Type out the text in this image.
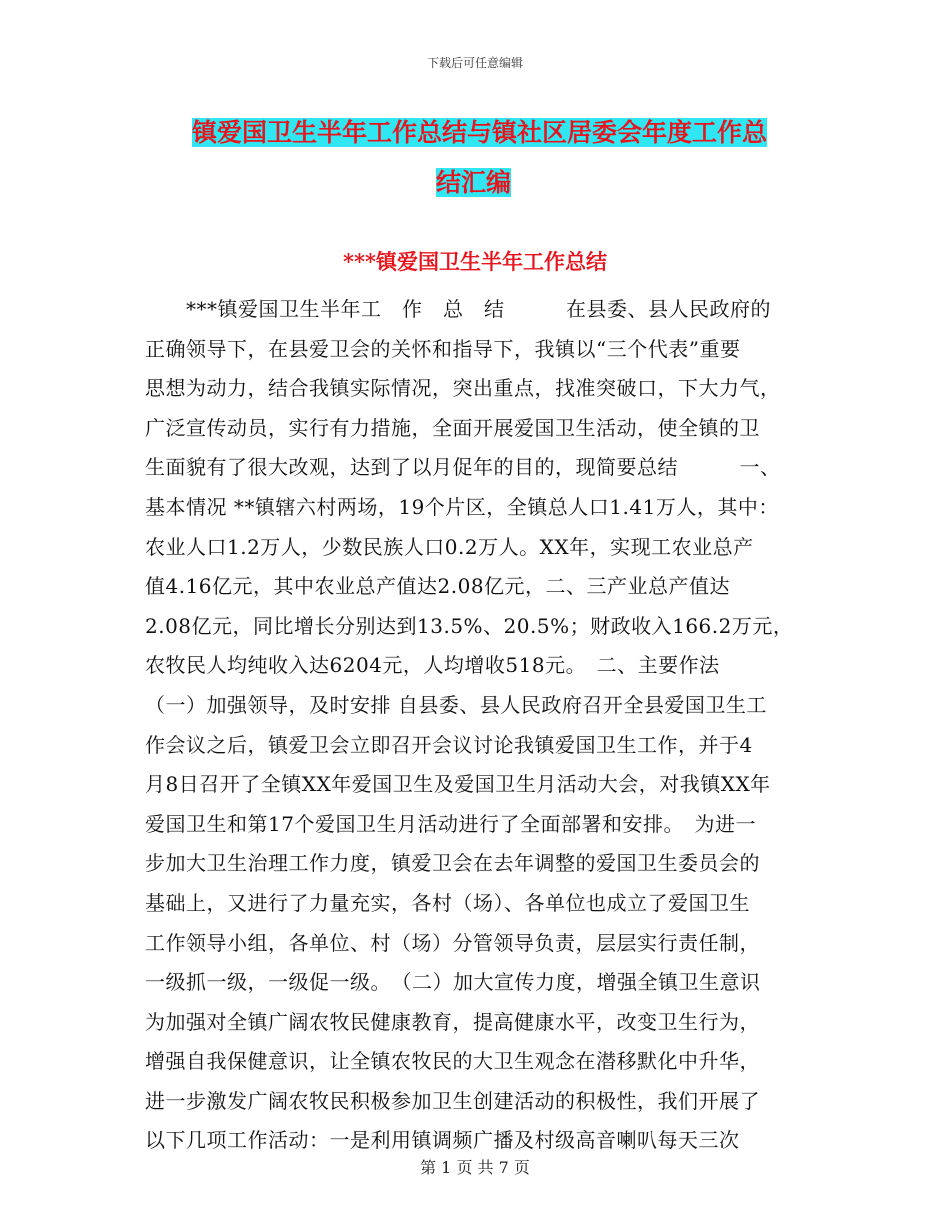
下载后可任意编辑
镇爱国卫生半年工作总结与镇社区居委会年度工作总
结汇编
***镇爱国卫生半年工作总结
　　***镇爱国卫生半年工　作　总　结　　　在县委、县人民政府的
正确领导下，在县爱卫会的关怀和指导下，我镇以“三个代表”重要
思想为动力，结合我镇实际情况，突出重点，找准突破口，下大力气，
广泛宣传动员，实行有力措施，全面开展爱国卫生活动，使全镇的卫
生面貌有了很大改观，达到了以月促年的目的，现简要总结　　　一、
基本情况 **镇辖六村两场，19个片区，全镇总人口1.41万人，其中：
农业人口1.2万人，少数民族人口0.2万人。XX年，实现工农业总产
值4.16亿元，其中农业总产值达2.08亿元，二、三产业总产值达
2.08亿元，同比增长分别达到13.5%、20.5%；财政收入166.2万元，
农牧民人均纯收入达6204元，人均增收518元。　二、主要作法
（一）加强领导，及时安排 自县委、县人民政府召开全县爱国卫生工
作会议之后，镇爱卫会立即召开会议讨论我镇爱国卫生工作，并于4
月8日召开了全镇XX年爱国卫生及爱国卫生月活动大会，对我镇XX年
爱国卫生和第17个爱国卫生月活动进行了全面部署和安排。　为进一
步加大卫生治理工作力度，镇爱卫会在去年调整的爱国卫生委员会的
基础上，又进行了力量充实，各村（场）、各单位也成立了爱国卫生
工作领导小组，各单位、村（场）分管领导负责，层层实行责任制，
一级抓一级，一级促一级。　（二）加大宣传力度，增强全镇卫生意识
为加强对全镇广阔农牧民健康教育，提高健康水平，改变卫生行为，
增强自我保健意识，让全镇农牧民的大卫生观念在潜移默化中升华，
进一步激发广阔农牧民积极参加卫生创建活动的积极性，我们开展了
以下几项工作活动：一是利用镇调频广播及村级高音喇叭每天三次
第 1 页 共 7 页
